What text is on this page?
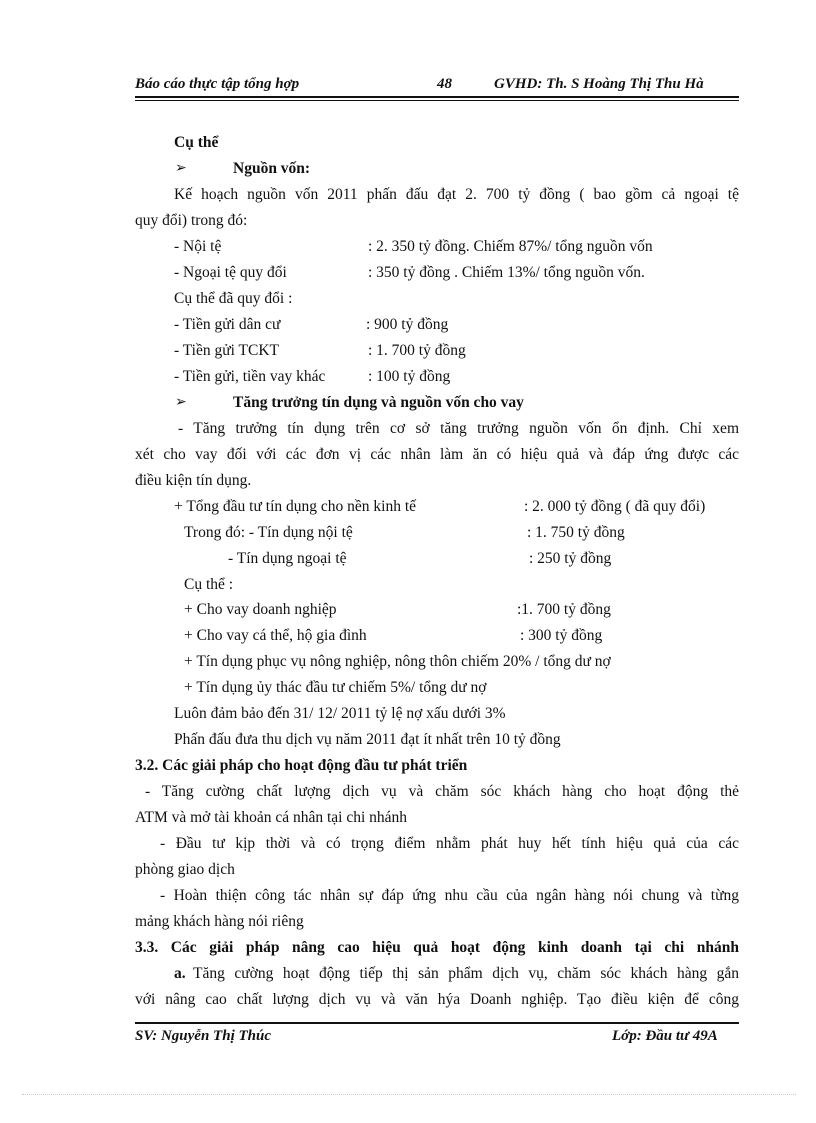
Báo cáo thực tập tổng hợp	48	GVHD: Th. S Hoàng Thị Thu Hà
Cụ thể
➢	Nguồn vốn:
Kế hoạch nguồn vốn 2011 phấn đấu đạt 2. 700 tỷ đồng ( bao gồm cả ngoại tệ
quy đổi) trong đó:
- Nội tệ	: 2. 350 tỷ đồng. Chiếm 87%/ tổng nguồn vốn
- Ngoại tệ quy đổi	: 350 tỷ đồng . Chiếm 13%/ tổng nguồn vốn.
Cụ thể đã quy đổi :
- Tiền gửi dân cư	: 900 tỷ đồng
- Tiền gửi TCKT	: 1. 700 tỷ đồng
- Tiền gửi, tiền vay khác	: 100 tỷ đồng
➢	Tăng trưởng tín dụng và nguồn vốn cho vay
- Tăng trưởng tín dụng trên cơ sở tăng trưởng nguồn vốn ổn định. Chỉ xem
xét cho vay đối với các đơn vị các nhân làm ăn có hiệu quả và đáp ứng được các
điều kiện tín dụng.
+ Tổng đầu tư tín dụng cho nền kinh tế	: 2. 000 tỷ đồng ( đã quy đổi)
Trong đó: - Tín dụng nội tệ	: 1. 750 tỷ đồng
- Tín dụng ngoại tệ	: 250 tỷ đồng
Cụ thể :
+ Cho vay doanh nghiệp	:1. 700 tỷ đồng
+ Cho vay cá thể, hộ gia đình	: 300 tỷ đồng
+ Tín dụng phục vụ nông nghiệp, nông thôn chiếm 20% / tổng dư nợ
+ Tín dụng ủy thác đầu tư chiếm 5%/ tổng dư nợ
Luôn đảm bảo đến 31/ 12/ 2011 tỷ lệ nợ xấu dưới 3%
Phấn đấu đưa thu dịch vụ năm 2011 đạt ít nhất trên 10 tỷ đồng
3.2. Các giải pháp cho hoạt động đầu tư phát triển
- Tăng cường chất lượng dịch vụ và chăm sóc khách hàng cho hoạt động thẻ
ATM và mở tài khoản cá nhân tại chi nhánh
- Đầu tư kịp thời và có trọng điểm nhằm phát huy hết tính hiệu quả của các
phòng giao dịch
- Hoàn thiện công tác nhân sự đáp ứng nhu cầu của ngân hàng nói chung và từng
mảng khách hàng nói riêng
3.3. Các giải pháp nâng cao hiệu quả hoạt động kinh doanh tại chi nhánh
a. Tăng cường hoạt động tiếp thị sản phẩm dịch vụ, chăm sóc khách hàng gắn
với nâng cao chất lượng dịch vụ và văn hýa Doanh nghiệp. Tạo điều kiện để công
SV: Nguyễn Thị Thúc	Lớp: Đầu tư 49A
